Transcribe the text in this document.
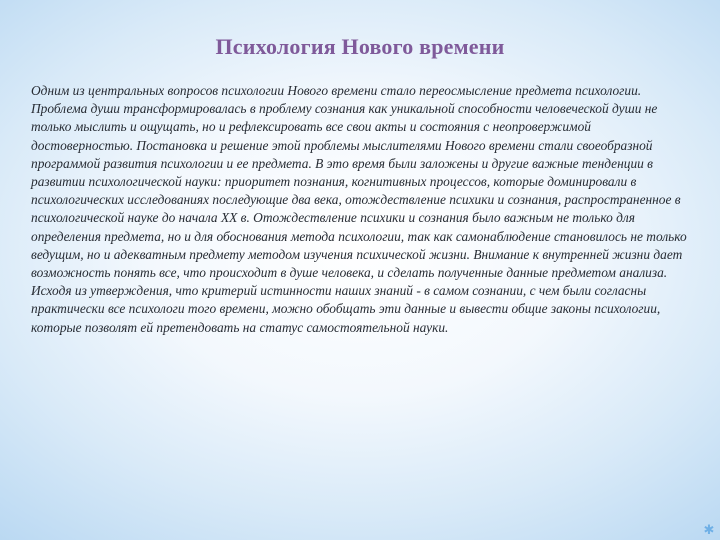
Психология Нового времени

Одним из центральных вопросов психологии Нового времени стало переосмысление предмета психологии. Проблема души трансформировалась в проблему сознания как уникальной способности человеческой души не только мыслить и ощущать, но и рефлексировать все свои акты и состояния с неопровержимой достоверностью. Постановка и решение этой проблемы мыслителями Нового времени стали своеобразной программой развития психологии и ее предмета. В это время были заложены и другие важные тенденции в развитии психологической науки: приоритет познания, когнитивных процессов, которые доминировали в психологических исследованиях последующие два века, отождествление психики и сознания, распространенное в психологической науке до начала XX в. Отождествление психики и сознания было важным не только для определения предмета, но и для обоснования метода психологии, так как самонаблюдение становилось не только ведущим, но и адекватным предмету методом изучения психической жизни. Внимание к внутренней жизни дает возможность понять все, что происходит в душе человека, и сделать полученные данные предметом анализа. Исходя из утверждения, что критерий истинности наших знаний - в самом сознании, с чем были согласны практически все психологи того времени, можно обобщать эти данные и вывести общие законы психологии, которые позволят ей претендовать на статус самостоятельной науки.

✱
